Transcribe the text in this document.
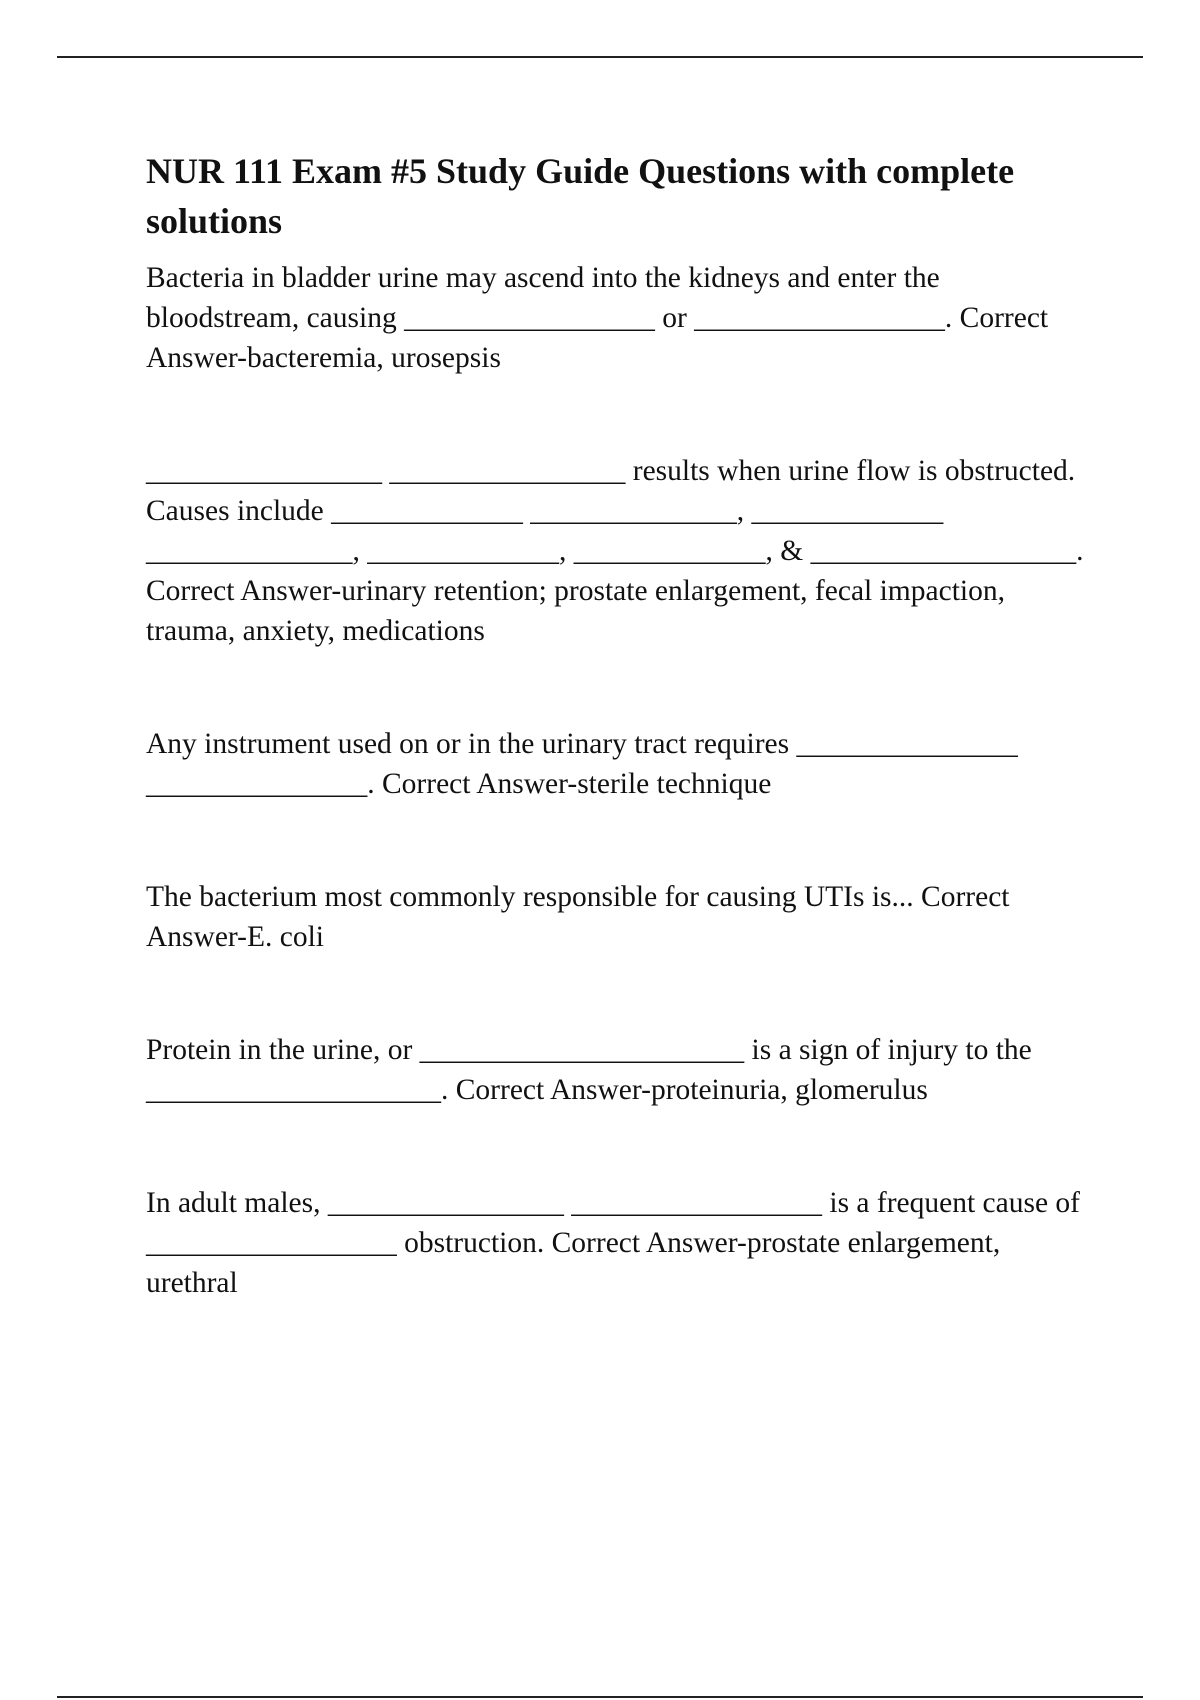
NUR 111 Exam #5 Study Guide Questions with complete solutions

Bacteria in bladder urine may ascend into the kidneys and enter the bloodstream, causing _________________ or _________________. Correct Answer-bacteremia, urosepsis

________________ ________________ results when urine flow is obstructed. Causes include _____________ ______________, _____________ ______________, _____________, _____________, & __________________. Correct Answer-urinary retention; prostate enlargement, fecal impaction, trauma, anxiety, medications

Any instrument used on or in the urinary tract requires _______________ _______________. Correct Answer-sterile technique

The bacterium most commonly responsible for causing UTIs is... Correct Answer-E. coli

Protein in the urine, or ______________________ is a sign of injury to the ____________________. Correct Answer-proteinuria, glomerulus

In adult males, ________________ _________________ is a frequent cause of _________________ obstruction. Correct Answer-prostate enlargement, urethral
